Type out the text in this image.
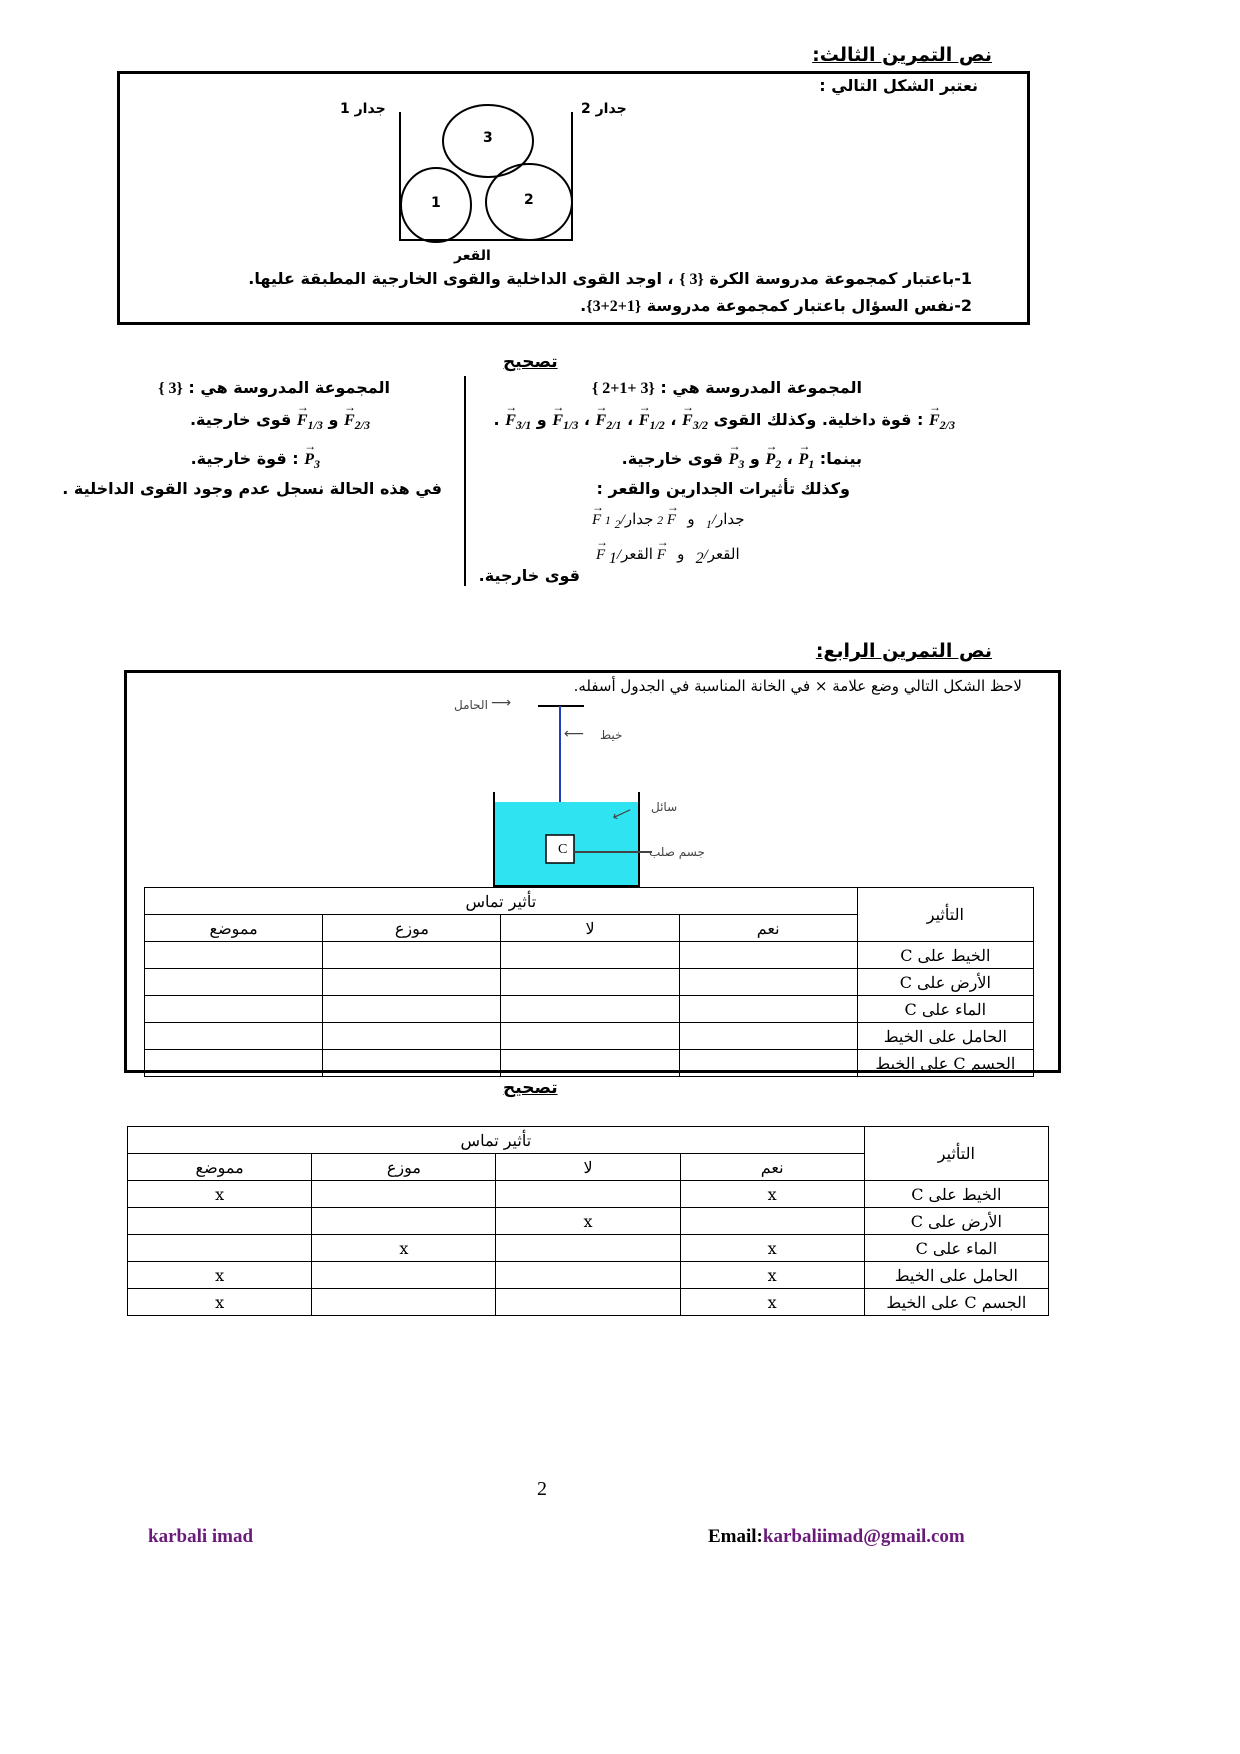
نص التمرين الثالث:
نعتبر الشكل التالي :
3
1	2
جدار 1	جدار 2
القعر
1-باعتبار كمجموعة مدروسة الكرة {3 } ، اوجد القوى الداخلية والقوى الخارجية المطبقة عليها.
2-نفس السؤال باعتبار كمجموعة مدروسة {1+2+3}.
تصحيح
المجموعة المدروسة هي : {3 +1+2 }
→ $F_{2/3}$ : قوة داخلية. وكذلك القوى → $F_{3/2}$ ، → $F_{1/2}$ ، → $F_{2/1}$ ، → $F_{1/3}$ و → $F_{3/1}$ .
بينما: → $P_1$ ، → $P_2$ و → $P_3$ قوى خارجية.
وكذلك تأثيرات الجدارين والقعر :
→ F 1	جدار/$_1$   و   → F 2 جدار/$_2$
→ F	القعر/2   و   → F القعر/1
قوى خارجية.
المجموعة المدروسة هي : {3 }
→ $F_{2/3}$ و → $F_{1/3}$ قوى خارجية.
→ $P_3$ : قوة خارجية.
في هذه الحالة نسجل عدم وجود القوى الداخلية .
نص التمرين الرابع:
لاحظ الشكل التالي وضع علامة × في الخانة المناسبة في الجدول أسفله.
C
الحامل ⟶
خيط
⟵
سائل
⟵
جسم صلب
تأثير تماس				التأثير
مموضع	موزع	لا	نعم	
				الخيط على C
				الأرض على C
				الماء على C
				الحامل على الخيط
				الجسم C على الخيط
تصحيح
تأثير تماس				التأثير
مموضع	موزع	لا	نعم	
x			x	الخيط على C
		x		الأرض على C
	x		x	الماء على C
x			x	الحامل على الخيط
x			x	الجسم C على الخيط
2
karbali imad	Email:karbaliimad@gmail.com
